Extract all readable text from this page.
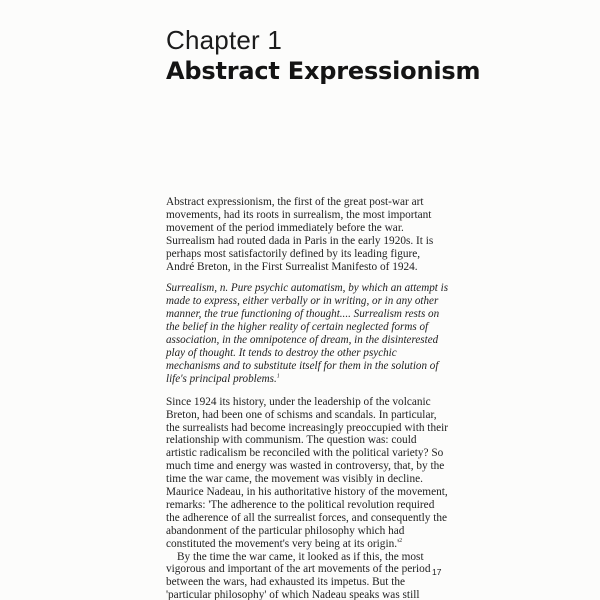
Chapter 1
Abstract Expressionism

Abstract expressionism, the first of the great post-war art movements, had its roots in surrealism, the most important movement of the period immediately before the war. Surrealism had routed dada in Paris in the early 1920s. It is perhaps most satisfactorily defined by its leading figure, André Breton, in the First Surrealist Manifesto of 1924.

Surrealism, n. Pure psychic automatism, by which an attempt is made to express, either verbally or in writing, or in any other manner, the true functioning of thought.... Surrealism rests on the belief in the higher reality of certain neglected forms of association, in the omnipotence of dream, in the disinterested play of thought. It tends to destroy the other psychic mechanisms and to substitute itself for them in the solution of life's principal problems.$^1$

Since 1924 its history, under the leadership of the volcanic Breton, had been one of schisms and scandals. In particular, the surrealists had become increasingly preoccupied with their relationship with communism. The question was: could artistic radicalism be reconciled with the political variety? So much time and energy was wasted in controversy, that, by the time the war came, the movement was visibly in decline. Maurice Nadeau, in his authoritative history of the movement, remarks: 'The adherence to the political revolution required the adherence of all the surrealist forces, and consequently the abandonment of the particular philosophy which had constituted the movement's very being at its origin.'$^2$

By the time the war came, it looked as if this, the most vigorous and important of the art movements of the period between the wars, had exhausted its impetus. But the 'particular philosophy' of which Nadeau speaks was still

17
